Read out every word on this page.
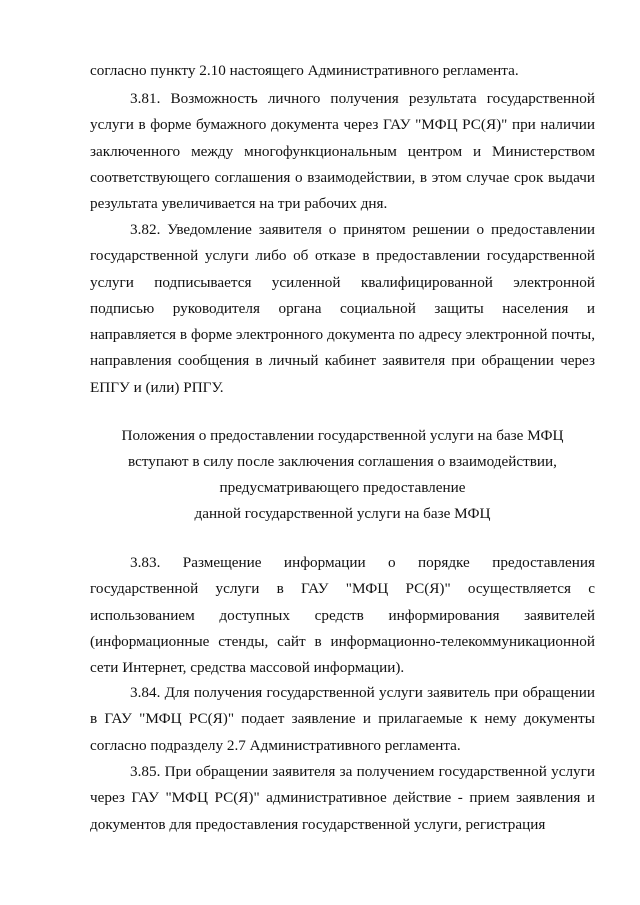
согласно пункту 2.10 настоящего Административного регламента.

3.81. Возможность личного получения результата государственной услуги в форме бумажного документа через ГАУ "МФЦ РС(Я)" при наличии заключенного между многофункциональным центром и Министерством соответствующего соглашения о взаимодействии, в этом случае срок выдачи результата увеличивается на три рабочих дня.

3.82. Уведомление заявителя о принятом решении о предоставлении государственной услуги либо об отказе в предоставлении государственной услуги подписывается усиленной квалифицированной электронной подписью руководителя органа социальной защиты населения и направляется в форме электронного документа по адресу электронной почты, направления сообщения в личный кабинет заявителя при обращении через ЕПГУ и (или) РПГУ.

Положения о предоставлении государственной услуги на базе МФЦ
вступают в силу после заключения соглашения о взаимодействии,
предусматривающего предоставление
данной государственной услуги на базе МФЦ

3.83. Размещение информации о порядке предоставления государственной услуги в ГАУ "МФЦ РС(Я)" осуществляется с использованием доступных средств информирования заявителей (информационные стенды, сайт в информационно-телекоммуникационной сети Интернет, средства массовой информации).

3.84. Для получения государственной услуги заявитель при обращении в ГАУ "МФЦ РС(Я)" подает заявление и прилагаемые к нему документы согласно подразделу 2.7 Административного регламента.

3.85. При обращении заявителя за получением государственной услуги через ГАУ "МФЦ РС(Я)" административное действие - прием заявления и документов для предоставления государственной услуги, регистрация
